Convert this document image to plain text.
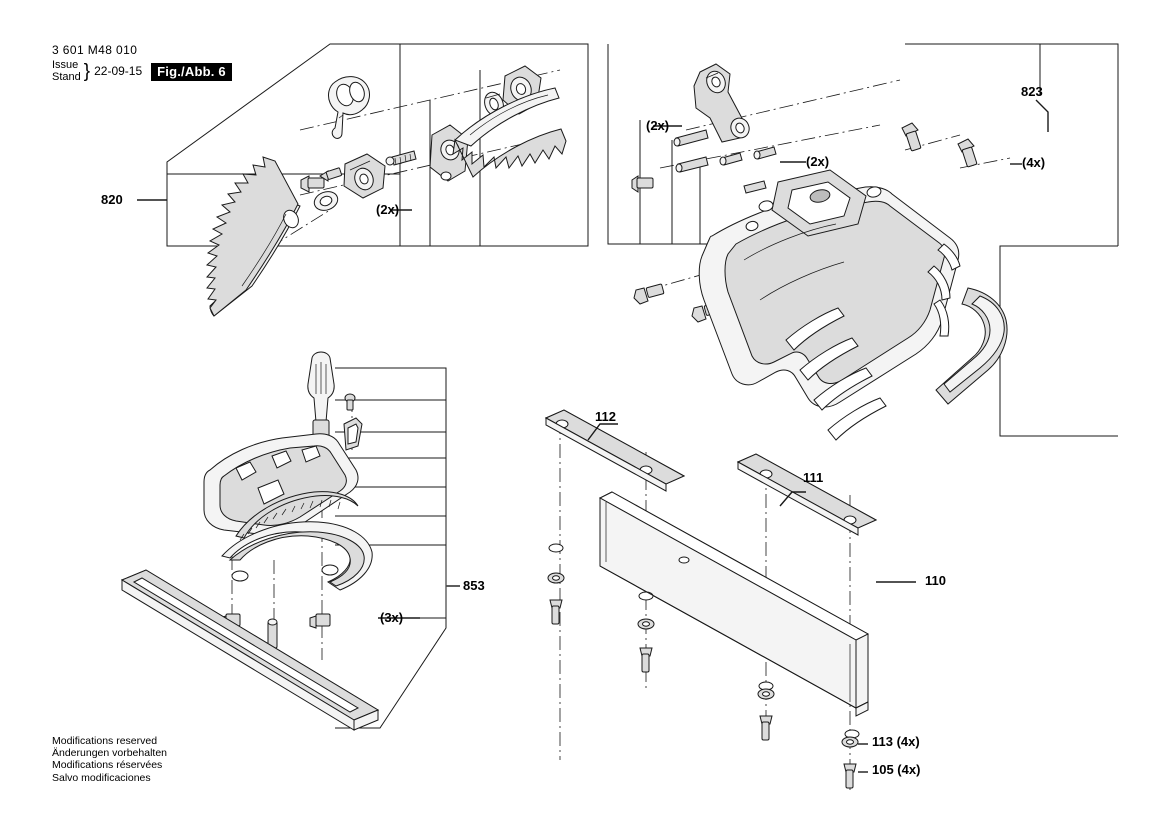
3 601 M48 010
Issue
Stand } 22-09-15	Fig./Abb. 6
820
823
853
112
111
110
113 (4x)
105 (4x)
(2x)
(2x)
(2x)
(4x)
(3x)
Modifications reserved
Änderungen vorbehalten
Modifications réservées
Salvo modificaciones
